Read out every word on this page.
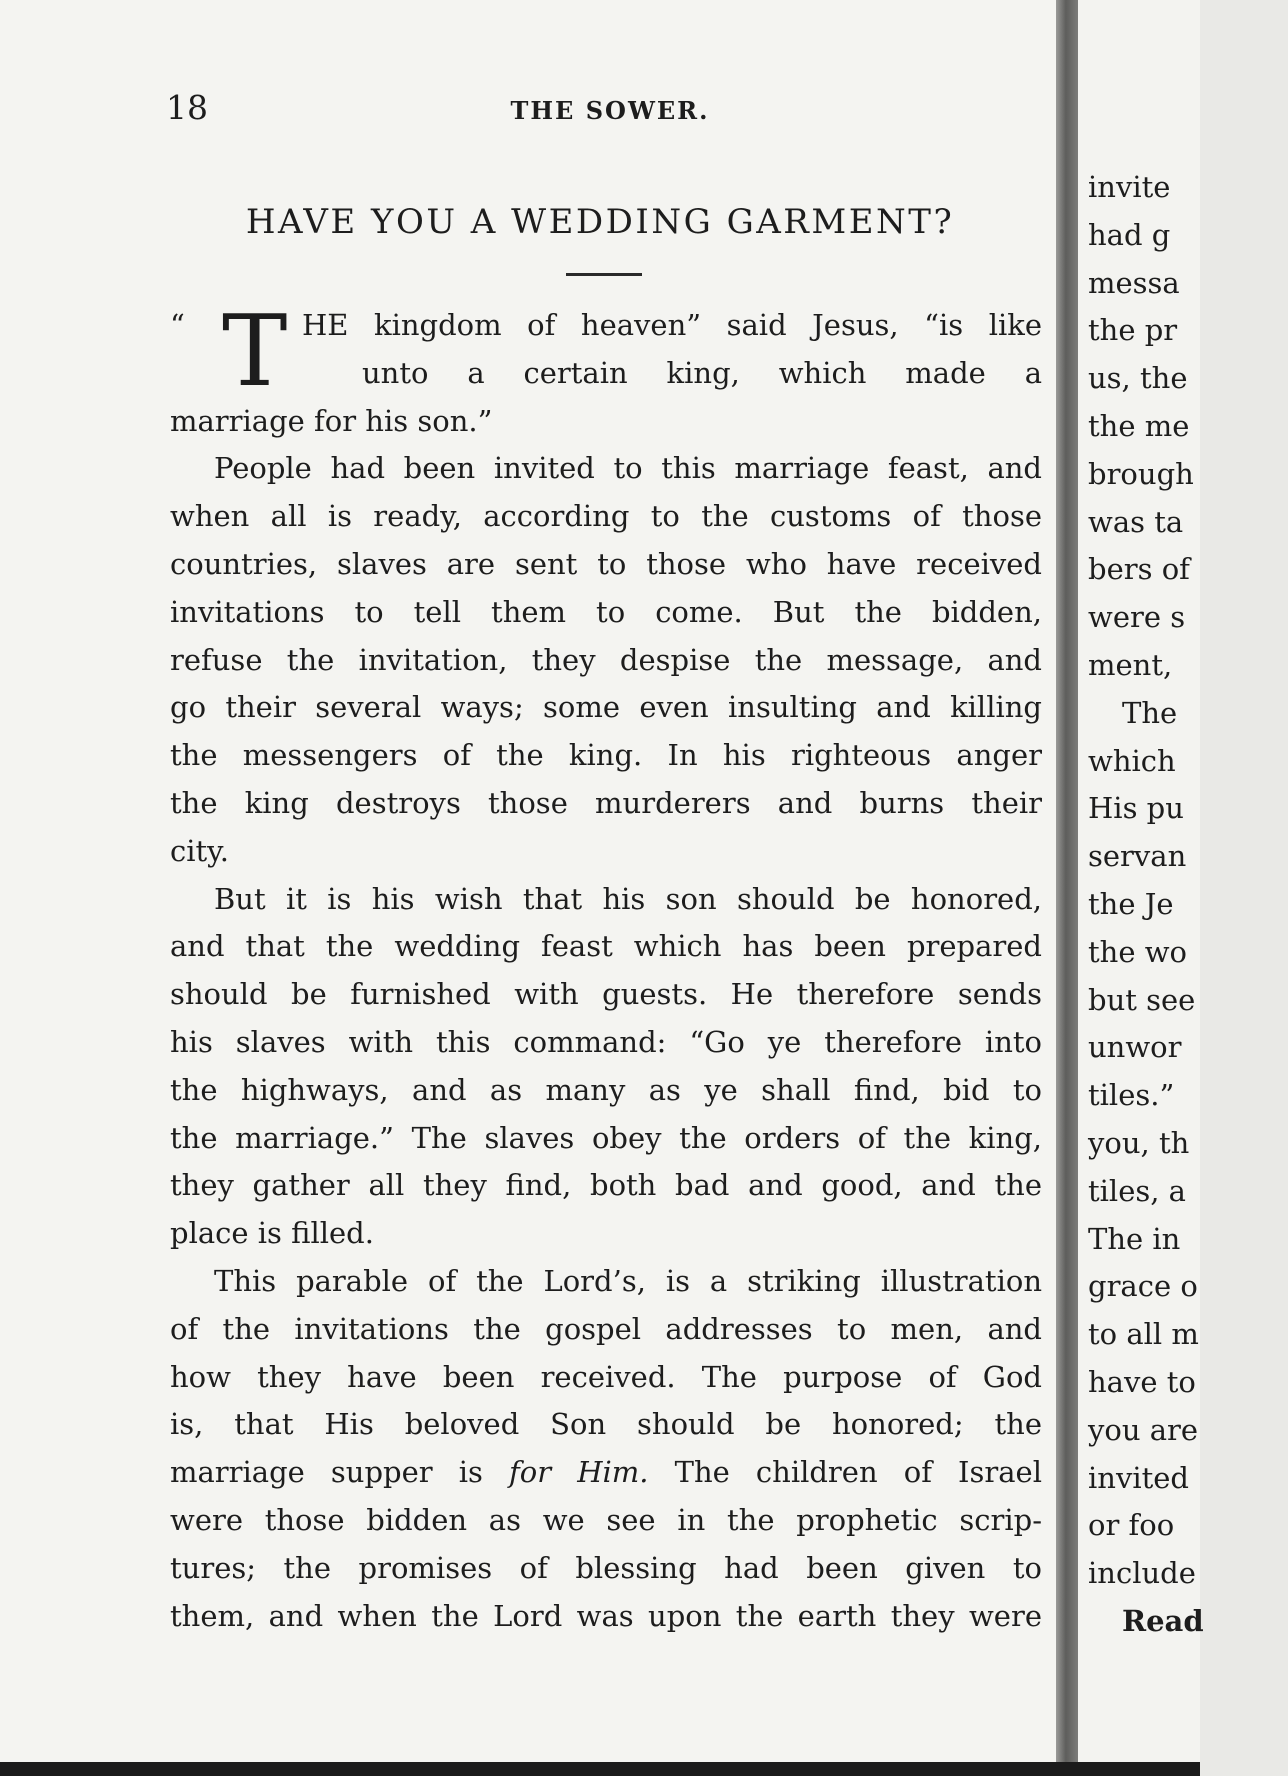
18	THE SOWER.
HAVE YOU A WEDDING GARMENT?
“ T HE kingdom of heaven” said Jesus, “is like
unto a certain king, which made a
marriage for his son.”
People had been invited to this marriage feast, and
when all is ready, according to the customs of those
countries, slaves are sent to those who have received
invitations to tell them to come. But the bidden,
refuse the invitation, they despise the message, and
go their several ways; some even insulting and killing
the messengers of the king. In his righteous anger
the king destroys those murderers and burns their
city.
But it is his wish that his son should be honored,
and that the wedding feast which has been prepared
should be furnished with guests. He therefore sends
his slaves with this command: “Go ye therefore into
the highways, and as many as ye shall find, bid to
the marriage.” The slaves obey the orders of the king,
they gather all they find, both bad and good, and the
place is filled.
This parable of the Lord’s, is a striking illustration
of the invitations the gospel addresses to men, and
how they have been received. The purpose of God
is, that His beloved Son should be honored; the
marriage supper is for Him. The children of Israel
were those bidden as we see in the prophetic scrip-
tures; the promises of blessing had been given to
them, and when the Lord was upon the earth they were
invite
had g
messa
the pr
us, the
the me
brough
was ta
bers of
were s
ment,
The
which
His pu
servan
the Je
the wo
but see
unwor
tiles.”
you, th
tiles, a
The in
grace o
to all m
have to
you are
invited
or foo
include
Read
